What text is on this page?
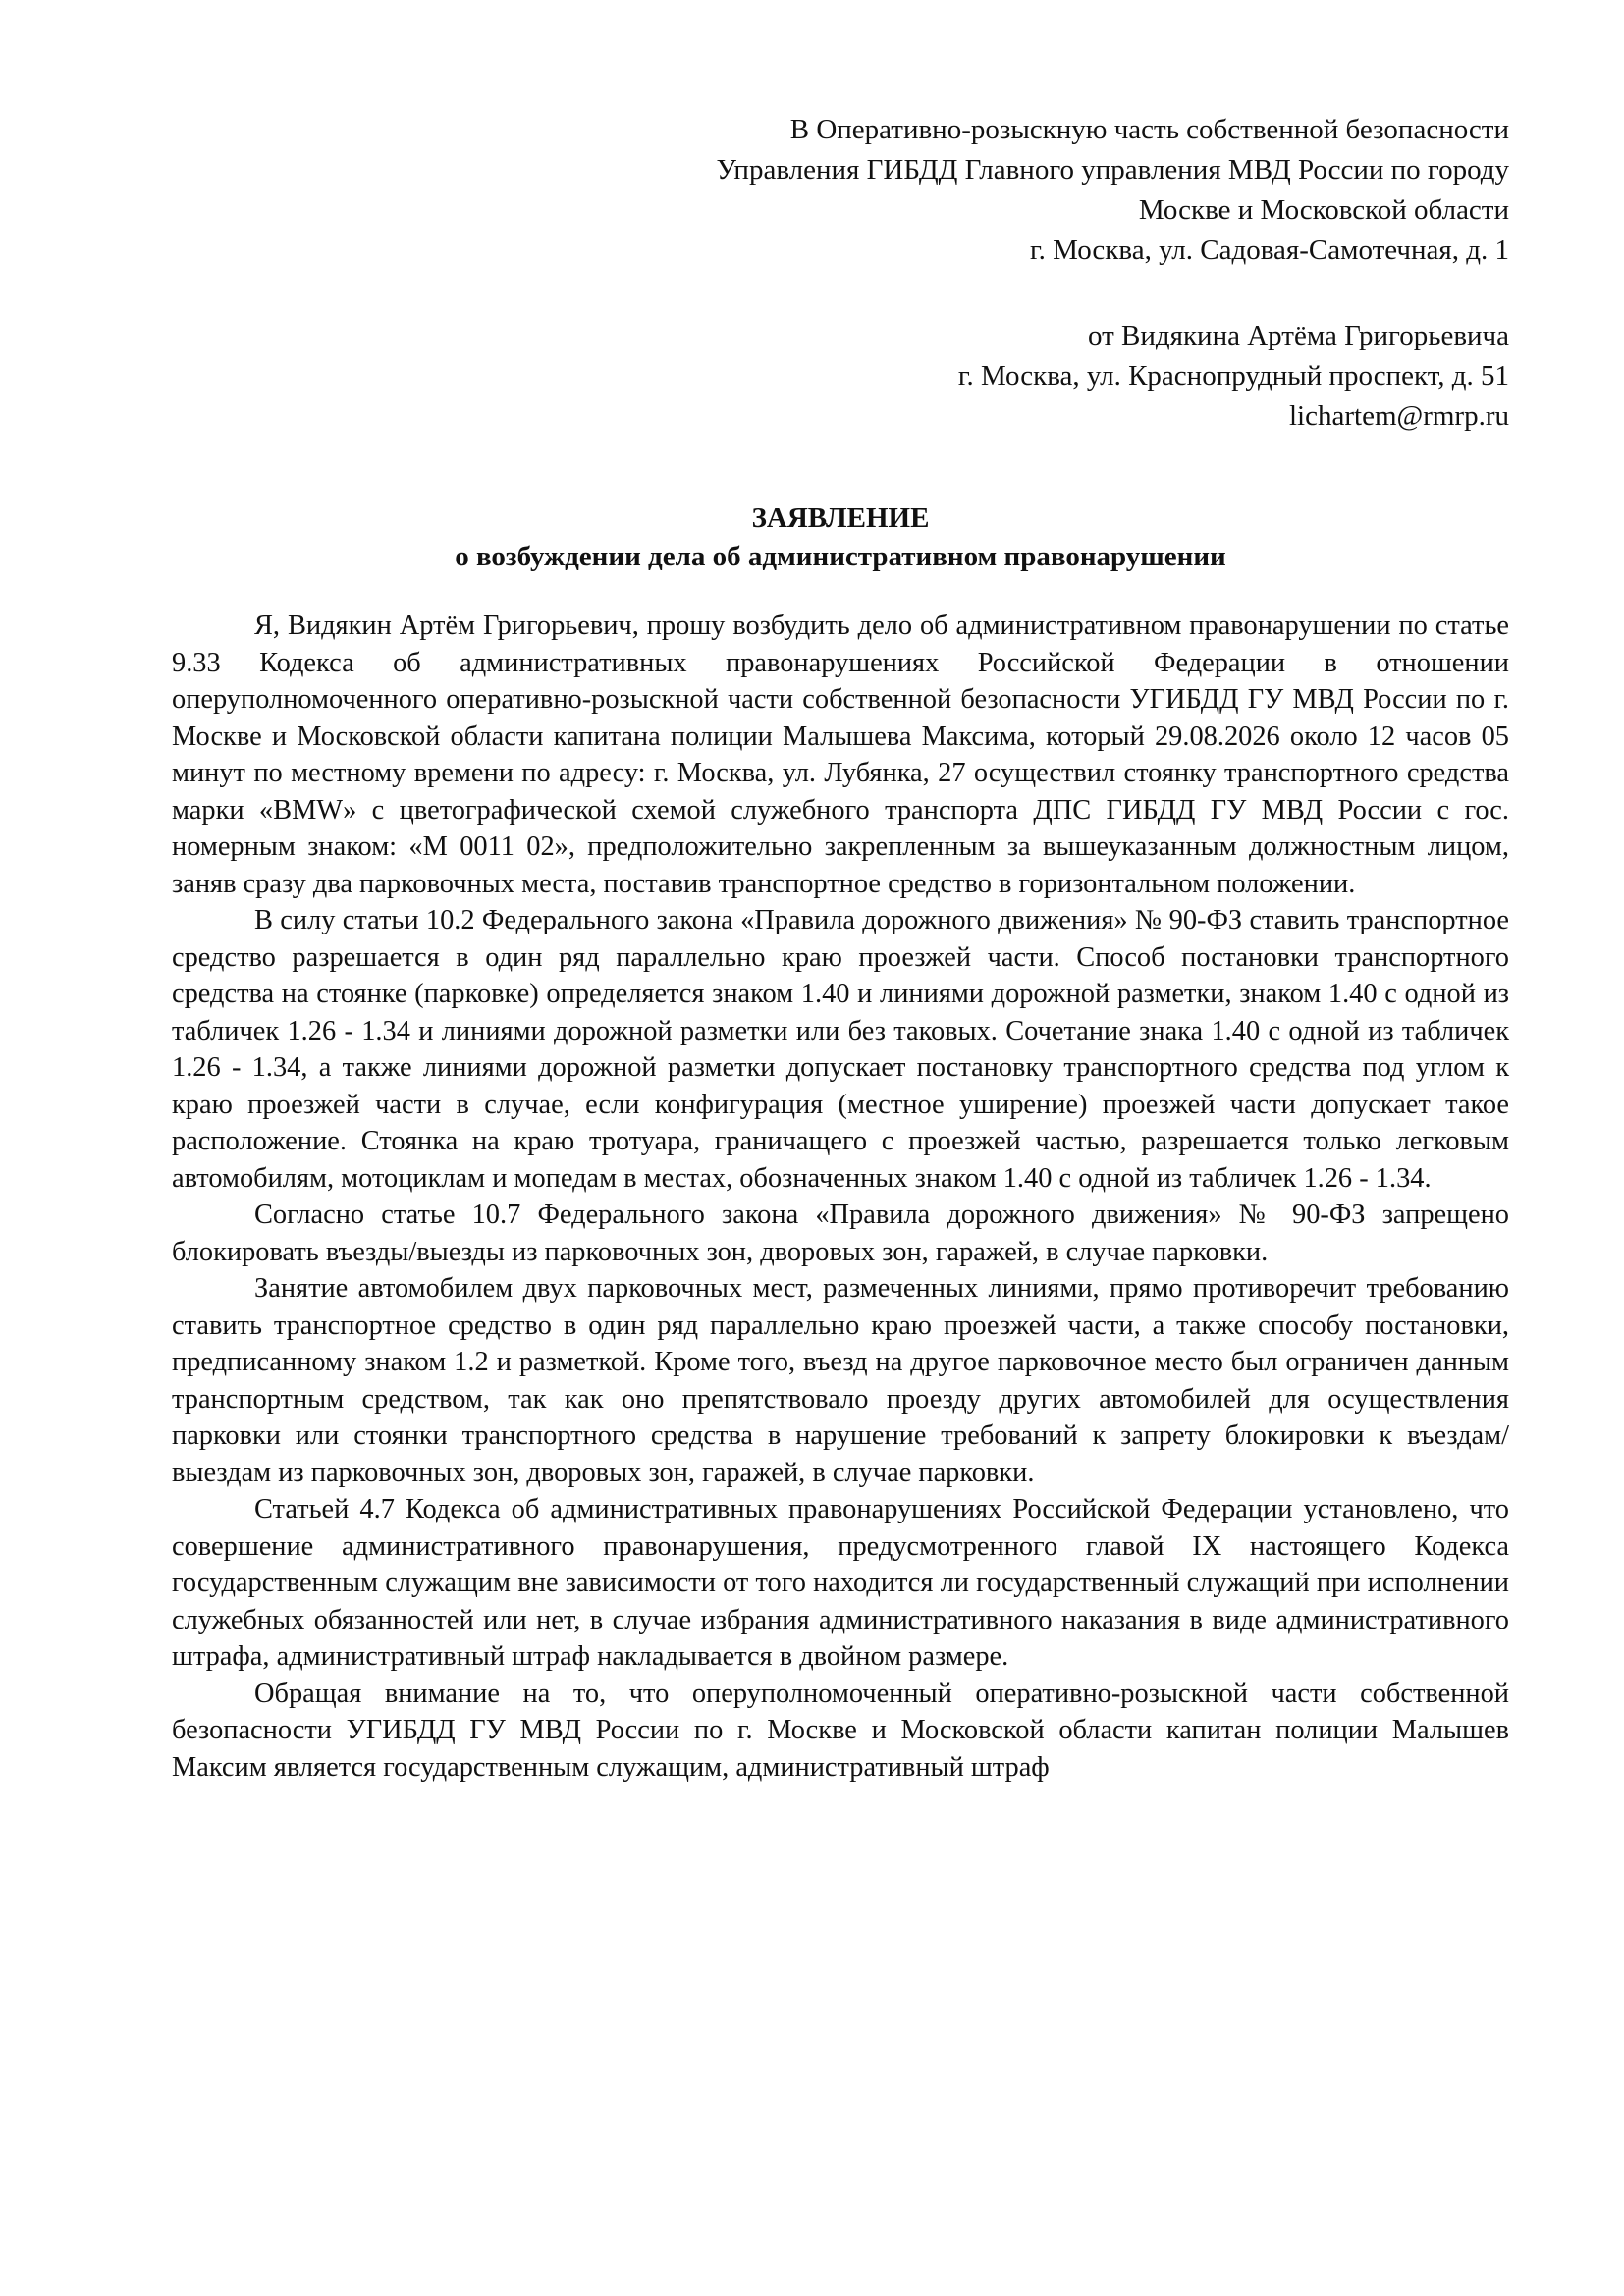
В Оперативно-розыскную часть собственной безопасности
Управления ГИБДД Главного управления МВД России по городу
Москве и Московской области
г. Москва, ул. Садовая-Самотечная, д. 1
от Видякина Артёма Григорьевича
г. Москва, ул. Краснопрудный проспект, д. 51
lichartem@rmrp.ru
ЗАЯВЛЕНИЕ
о возбуждении дела об административном правонарушении

Я, Видякин Артём Григорьевич, прошу возбудить дело об административном правонарушении по статье 9.33 Кодекса об административных правонарушениях Российской Федерации в отношении оперуполномоченного оперативно-розыскной части собственной безопасности УГИБДД ГУ МВД России по г. Москве и Московской области капитана полиции Малышева Максима, который 29.08.2026 около 12 часов 05 минут по местному времени по адресу: г. Москва, ул. Лубянка, 27 осуществил стоянку транспортного средства марки «BMW» с цветографической схемой служебного транспорта ДПС ГИБДД ГУ МВД России с гос. номерным знаком: «М 0011 02», предположительно закрепленным за вышеуказанным должностным лицом, заняв сразу два парковочных места, поставив транспортное средство в горизонтальном положении.

В силу статьи 10.2 Федерального закона «Правила дорожного движения» № 90-ФЗ ставить транспортное средство разрешается в один ряд параллельно краю проезжей части. Способ постановки транспортного средства на стоянке (парковке) определяется знаком 1.40 и линиями дорожной разметки, знаком 1.40 с одной из табличек 1.26 - 1.34 и линиями дорожной разметки или без таковых. Сочетание знака 1.40 с одной из табличек 1.26 - 1.34, а также линиями дорожной разметки допускает постановку транспортного средства под углом к краю проезжей части в случае, если конфигурация (местное уширение) проезжей части допускает такое расположение. Стоянка на краю тротуара, граничащего с проезжей частью, разрешается только легковым автомобилям, мотоциклам и мопедам в местах, обозначенных знаком 1.40 с одной из табличек 1.26 - 1.34.

Согласно статье 10.7 Федерального закона «Правила дорожного движения» № 90-ФЗ запрещено блокировать въезды/выезды из парковочных зон, дворовых зон, гаражей, в случае парковки.

Занятие автомобилем двух парковочных мест, размеченных линиями, прямо противоречит требованию ставить транспортное средство в один ряд параллельно краю проезжей части, а также способу постановки, предписанному знаком 1.2 и разметкой. Кроме того, въезд на другое парковочное место был ограничен данным транспортным средством, так как оно препятствовало проезду других автомобилей для осуществления парковки или стоянки транспортного средства в нарушение требований к запрету блокировки к въездам/выездам из парковочных зон, дворовых зон, гаражей, в случае парковки.

Статьей 4.7 Кодекса об административных правонарушениях Российской Федерации установлено, что совершение административного правонарушения, предусмотренного главой IX настоящего Кодекса государственным служащим вне зависимости от того находится ли государственный служащий при исполнении служебных обязанностей или нет, в случае избрания административного наказания в виде административного штрафа, административный штраф накладывается в двойном размере.

Обращая внимание на то, что оперуполномоченный оперативно-розыскной части собственной безопасности УГИБДД ГУ МВД России по г. Москве и Московской области капитан полиции Малышев Максим является государственным служащим, административный штраф
